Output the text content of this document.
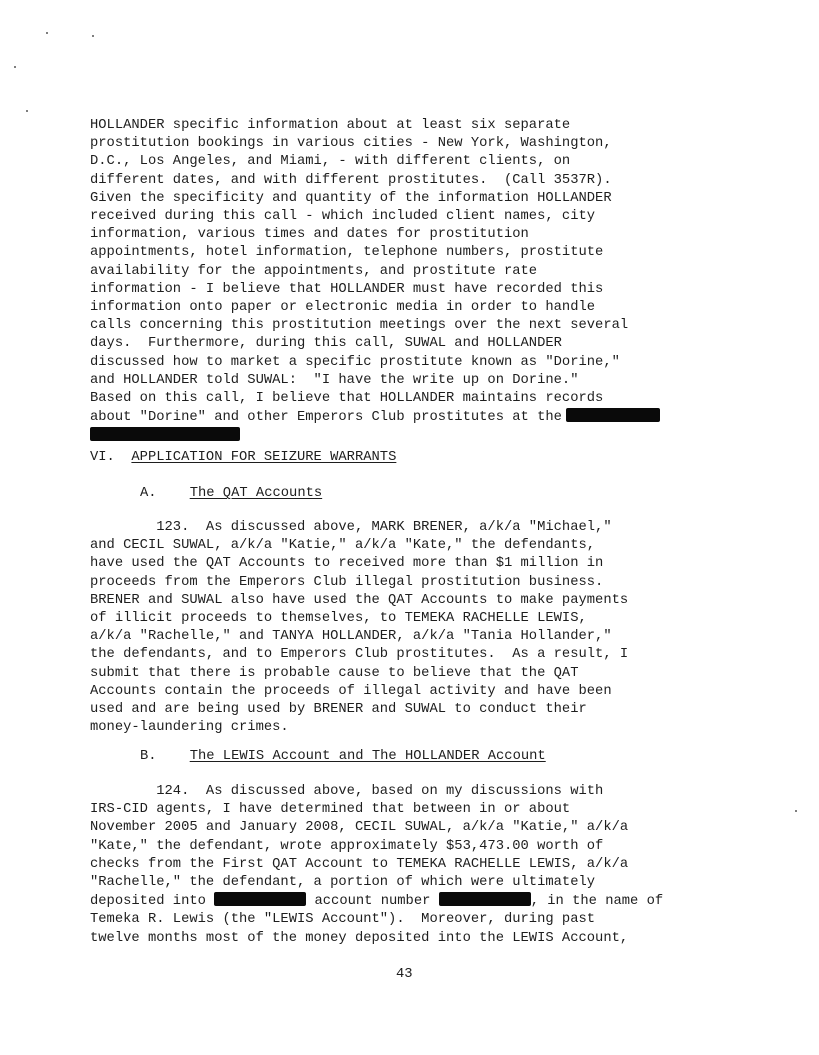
HOLLANDER specific information about at least six separate
prostitution bookings in various cities - New York, Washington,
D.C., Los Angeles, and Miami, - with different clients, on
different dates, and with different prostitutes.  (Call 3537R).
Given the specificity and quantity of the information HOLLANDER
received during this call - which included client names, city
information, various times and dates for prostitution
appointments, hotel information, telephone numbers, prostitute
availability for the appointments, and prostitute rate
information - I believe that HOLLANDER must have recorded this
information onto paper or electronic media in order to handle
calls concerning this prostitution meetings over the next several
days.  Furthermore, during this call, SUWAL and HOLLANDER
discussed how to market a specific prostitute known as "Dorine,"
and HOLLANDER told SUWAL:  "I have the write up on Dorine."
Based on this call, I believe that HOLLANDER maintains records
about "Dorine" and other Emperors Club prostitutes at the

VI. APPLICATION FOR SEIZURE WARRANTS
A. The QAT Accounts
123.  As discussed above, MARK BRENER, a/k/a "Michael,"
and CECIL SUWAL, a/k/a "Katie," a/k/a "Kate," the defendants,
have used the QAT Accounts to received more than $1 million in
proceeds from the Emperors Club illegal prostitution business.
BRENER and SUWAL also have used the QAT Accounts to make payments
of illicit proceeds to themselves, to TEMEKA RACHELLE LEWIS,
a/k/a "Rachelle," and TANYA HOLLANDER, a/k/a "Tania Hollander,"
the defendants, and to Emperors Club prostitutes.  As a result, I
submit that there is probable cause to believe that the QAT
Accounts contain the proceeds of illegal activity and have been
used and are being used by BRENER and SUWAL to conduct their
money-laundering crimes.
B. The LEWIS Account and The HOLLANDER Account
124.  As discussed above, based on my discussions with
IRS-CID agents, I have determined that between in or about
November 2005 and January 2008, CECIL SUWAL, a/k/a "Katie," a/k/a
"Kate," the defendant, wrote approximately $53,473.00 worth of
checks from the First QAT Account to TEMEKA RACHELLE LEWIS, a/k/a
"Rachelle," the defendant, a portion of which were ultimately
deposited into	account number	, in the name of
Temeka R. Lewis (the "LEWIS Account").  Moreover, during past
twelve months most of the money deposited into the LEWIS Account,
43
